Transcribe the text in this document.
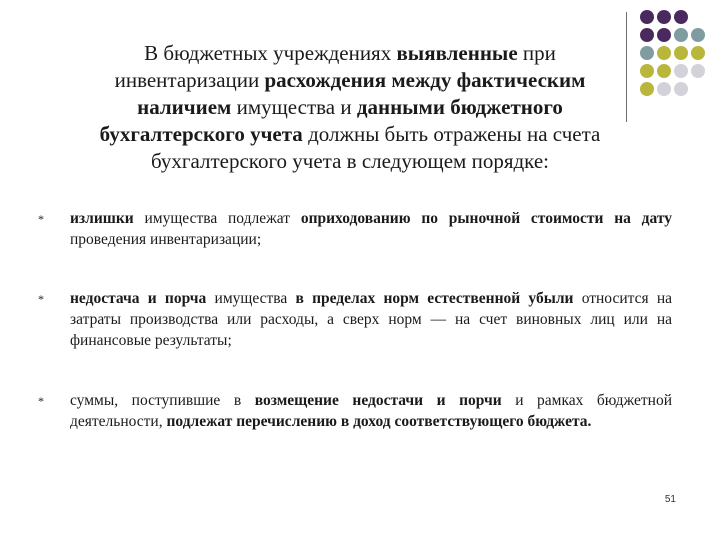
В бюджетных учреждениях выявленные при инвентаризации расхождения между фактическим наличием имущества и данными бюджетного бухгалтерского учета должны быть отражены на счета бухгалтерского учета в следующем порядке:
* излишки имущества подлежат оприходованию по рыночной стоимости на дату проведения инвентаризации;
* недостача и порча имущества в пределах норм естественной убыли относится на затраты производства или расходы, а сверх норм — на счет виновных лиц или на финансовые результаты;
* суммы, поступившие в возмещение недостачи и порчи и рамках бюджетной деятельности, подлежат перечислению в доход соответствующего бюджета.
51
